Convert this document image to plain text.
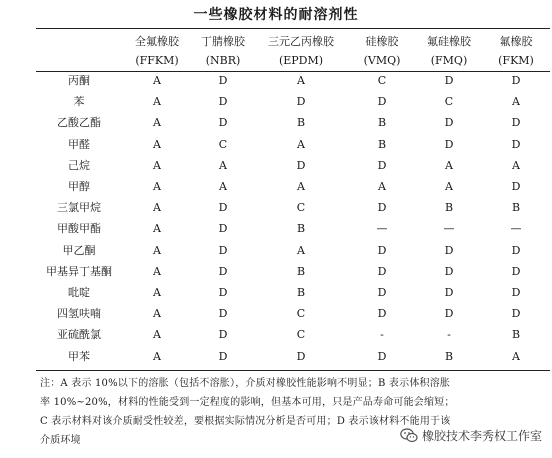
一些橡胶材料的耐溶剂性
	全氟橡胶	丁腈橡胶	三元乙丙橡胶	硅橡胶	氟硅橡胶	氟橡胶
	(FFKM)	(NBR)	(EPDM)	(VMQ)	(FMQ)	(FKM)
丙酮	A	D	A	C	D	D
苯	A	D	D	D	C	A
乙酸乙酯	A	D	B	B	D	D
甲醛	A	C	A	B	D	D
己烷	A	A	D	D	A	A
甲醇	A	A	A	A	A	D
三氯甲烷	A	D	C	D	B	B
甲酸甲酯	A	D	B	—	—	—
甲乙酮	A	D	A	D	D	D
甲基异丁基酮	A	D	B	D	D	D
吡啶	A	D	B	D	D	D
四氢呋喃	A	D	C	D	D	D
亚硫酰氯	A	D	C	-	-	B
甲苯	A	D	D	D	B	A
注：A 表示 10%以下的溶胀（包括不溶胀），介质对橡胶性能影响不明显；B 表示体积溶胀
率 10%~20%，材料的性能受到一定程度的影响，但基本可用，只是产品寿命可能会缩短；
C 表示材料对该介质耐受性较差，要根据实际情况分析是否可用；D 表示该材料不能用于该
介质环境	橡胶技术李秀权工作室
